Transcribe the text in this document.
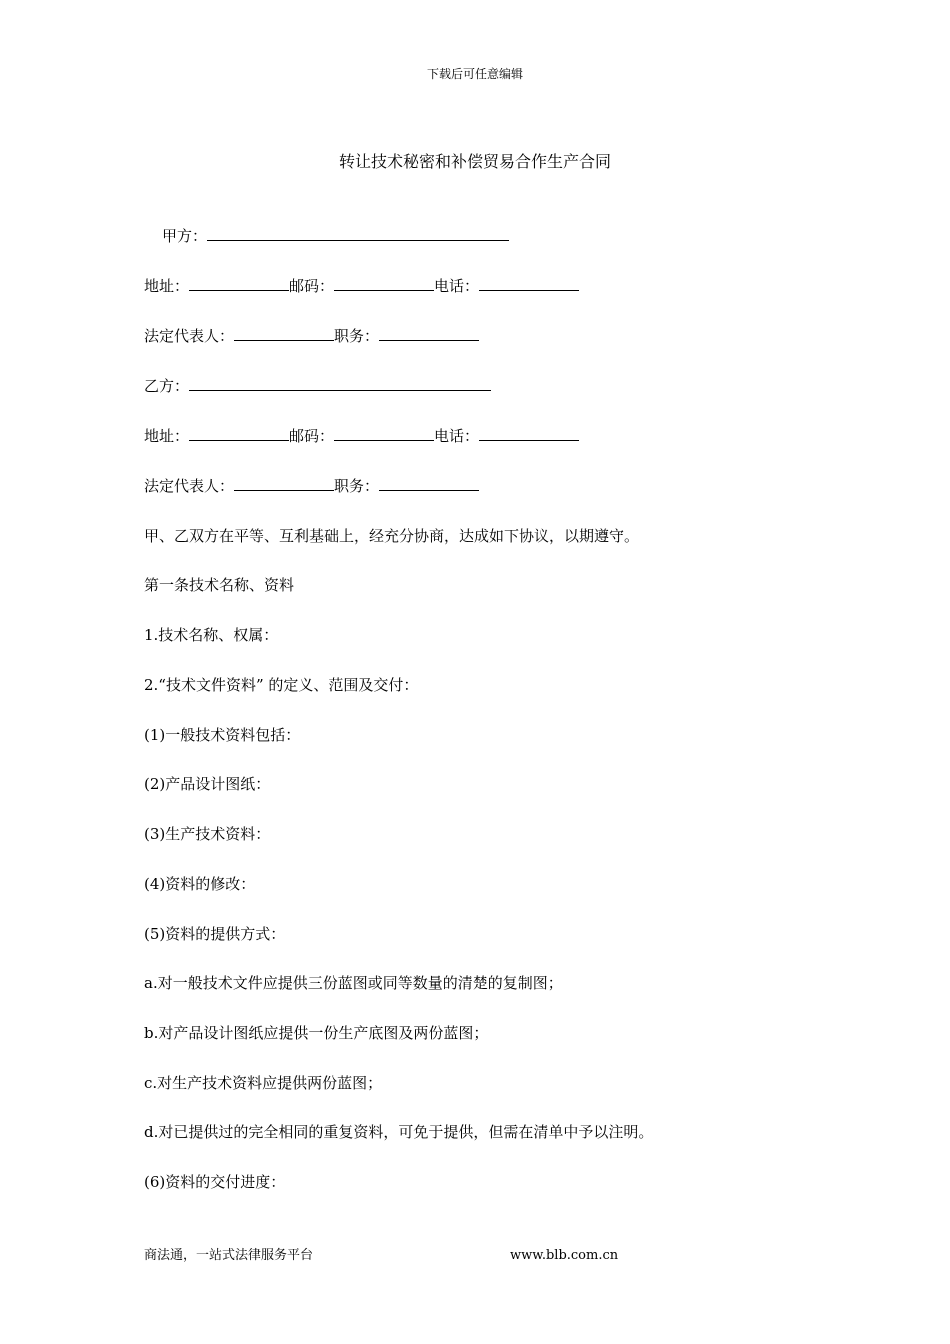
下载后可任意编辑
转让技术秘密和补偿贸易合作生产合同
甲方：
地址：	邮码：	电话：
法定代表人：	职务：
乙方：
地址：	邮码：	电话：
法定代表人：	职务：
甲、乙双方在平等、互利基础上，经充分协商，达成如下协议，以期遵守。
第一条技术名称、资料
1.技术名称、权属：
2.“技术文件资料” 的定义、范围及交付：
(1)一般技术资料包括：
(2)产品设计图纸：
(3)生产技术资料：
(4)资料的修改：
(5)资料的提供方式：
a.对一般技术文件应提供三份蓝图或同等数量的清楚的复制图；
b.对产品设计图纸应提供一份生产底图及两份蓝图；
c.对生产技术资料应提供两份蓝图；
d.对已提供过的完全相同的重复资料，可免于提供，但需在清单中予以注明。
(6)资料的交付进度：
商法通，一站式法律服务平台	www.blb.com.cn
